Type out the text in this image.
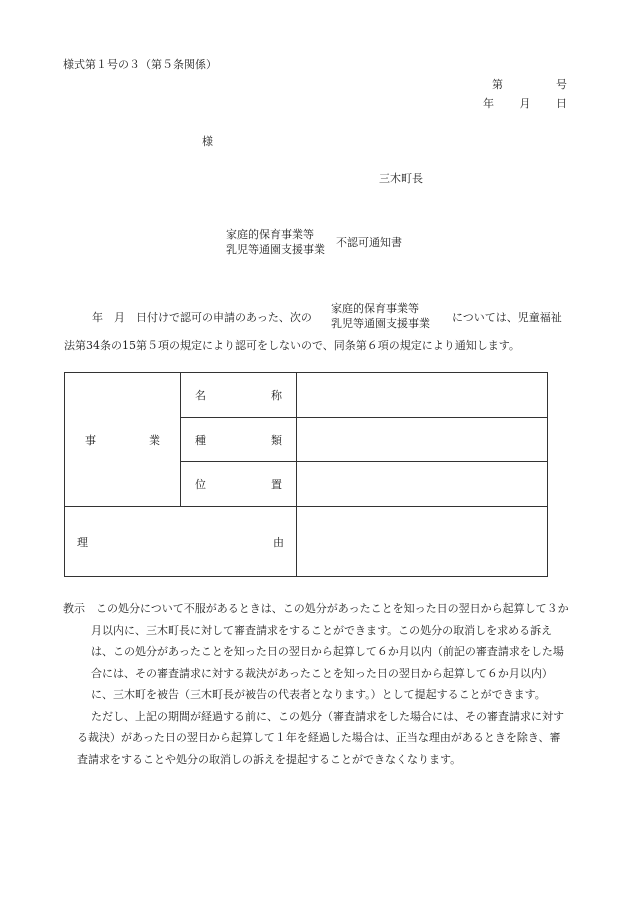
様式第１号の３（第５条関係）
第	号
年 月 日
様
三木町長
家庭的保育事業等
乳児等通園支援事業
不認可通知書
年　月　日付けで認可の申請のあった、次の
家庭的保育事業等
乳児等通園支援事業 については、児童福祉
法第34条の15第５項の規定により認可をしないので、同条第６項の規定により通知します。
事 業	名 称	

	種 類	

	位 置	

理 由		

教示　この処分について不服があるときは、この処分があったことを知った日の翌日から起算して３か月以内に、三木町長に対して審査請求をすることができます。この処分の取消しを求める訴えは、この処分があったことを知った日の翌日から起算して６か月以内（前記の審査請求をした場合には、その審査請求に対する裁決があったことを知った日の翌日から起算して６か月以内）に、三木町を被告（三木町長が被告の代表者となります。）として提起することができます。

ただし、上記の期間が経過する前に、この処分（審査請求をした場合には、その審査請求に対する裁決）があった日の翌日から起算して１年を経過した場合は、正当な理由があるときを除き、審査請求をすることや処分の取消しの訴えを提起することができなくなります。
